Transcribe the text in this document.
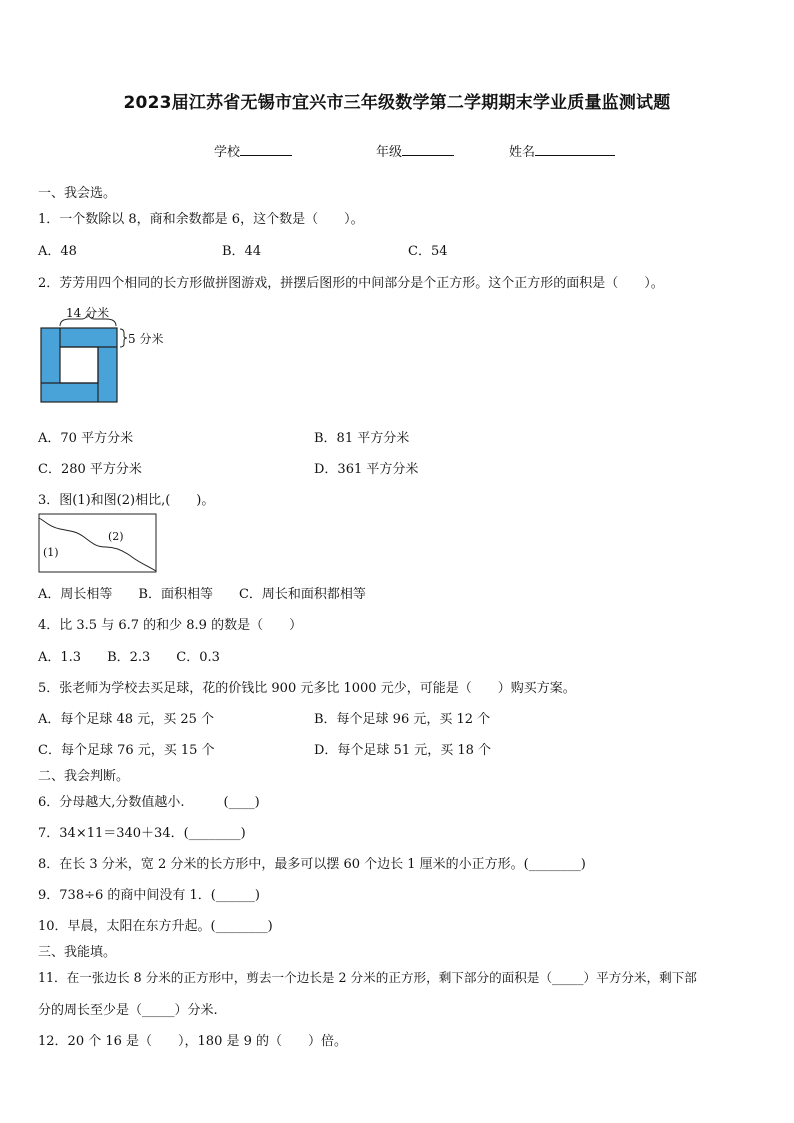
2023届江苏省无锡市宜兴市三年级数学第二学期期末学业质量监测试题
学校	年级	姓名
一、我会选。
1．一个数除以 8，商和余数都是 6，这个数是（　　）。
A．48	B．44	C．54
2．芳芳用四个相同的长方形做拼图游戏，拼摆后图形的中间部分是个正方形。这个正方形的面积是（　　）。
14 分米
5 分米
A．70 平方分米	B．81 平方分米
C．280 平方分米	D．361 平方分米
3．图(1)和图(2)相比,(　　)。
(1)
(2)
A．周长相等　　B．面积相等　　C．周长和面积都相等
4．比 3.5 与 6.7 的和少 8.9 的数是（　　）
A．1.3　　B．2.3　　C．0.3
5．张老师为学校去买足球，花的价钱比 900 元多比 1000 元少，可能是（　　）购买方案。
A．每个足球 48 元，买 25 个	B．每个足球 96 元，买 12 个
C．每个足球 76 元，买 15 个	D．每个足球 51 元，买 18 个
二、我会判断。
6．分母越大,分数值越小.　　　(____)
7．34×11＝340＋34．(________)
8．在长 3 分米，宽 2 分米的长方形中，最多可以摆 60 个边长 1 厘米的小正方形。(________)
9．738÷6 的商中间没有 1．(______)
10．早晨，太阳在东方升起。(________)
三、我能填。
11．在一张边长 8 分米的正方形中，剪去一个边长是 2 分米的正方形，剩下部分的面积是（_____）平方分米，剩下部
分的周长至少是（_____）分米.
12．20 个 16 是（　　），180 是 9 的（　　）倍。
